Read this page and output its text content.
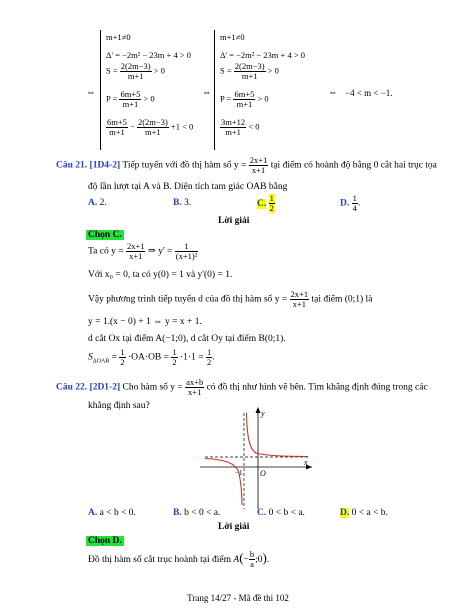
⇔
m+1≠0
Δ' = −2m² − 23m + 4 > 0
$S = \frac{2(2m-3)}{m+1} > 0$
$P = \frac{6m+5}{m+1} > 0$
$\frac{6m+5}{m+1} - \frac{2(2m-3)}{m+1} +1 < 0$
⇔
m+1≠0
Δ' = −2m² − 23m + 4 > 0
$S = \frac{2(2m-3)}{m+1} > 0$
$P = \frac{6m+5}{m+1} > 0$
$\frac{3m+12}{m+1} < 0$
⇔ −4 < m < −1.
Câu 21. [1D4-2] Tiếp tuyến với đồ thị hàm số $y = \frac{2x+1}{x+1}$ tại điểm có hoành độ bằng 0 cắt hai trục tọa
độ lần lượt tại A và B. Diện tích tam giác OAB bằng
A. 2.	B. 3.	C. $\frac{1}{2}$	D. $\frac{1}{4}$ .
Lời giải
Chọn C.
Ta có $y = \frac{2x+1}{x+1}$ ⇒ $y' = \frac{1}{\text{(x+1)²}}$
Với x₀ = 0, ta có y(0) = 1 và y'(0) = 1.
Vậy phương trình tiếp tuyến d của đồ thị hàm số $y = \frac{2x+1}{x+1}$ tại điểm (0;1) là
y = 1.(x − 0) + 1 ⇔ y = x + 1.
d cắt Ox tại điểm A(−1;0), d cắt Oy tại điểm B(0;1).
$S_{\Delta OAB} = \frac{1}{2} \cdot OA\cdot OB = \frac{1}{2} \cdot 1\cdot 1 = \frac{1}{2}$ .
Câu 22. [2D1-2] Cho hàm số $y = \frac{ax+b}{x+1}$ có đồ thị như hình vẽ bên. Tìm khẳng định đúng trong các
khẳng định sau?
y
x
O
−1
A. a < b < 0.	B. b < 0 < a.	C. 0 < b < a.	D. 0 < a < b.
Lời giải
Chọn D.
Đồ thị hàm số cắt trục hoành tại điểm $A(- \frac{b}{a}$ ;0).
Trang 14/27 - Mã đề thi 102
